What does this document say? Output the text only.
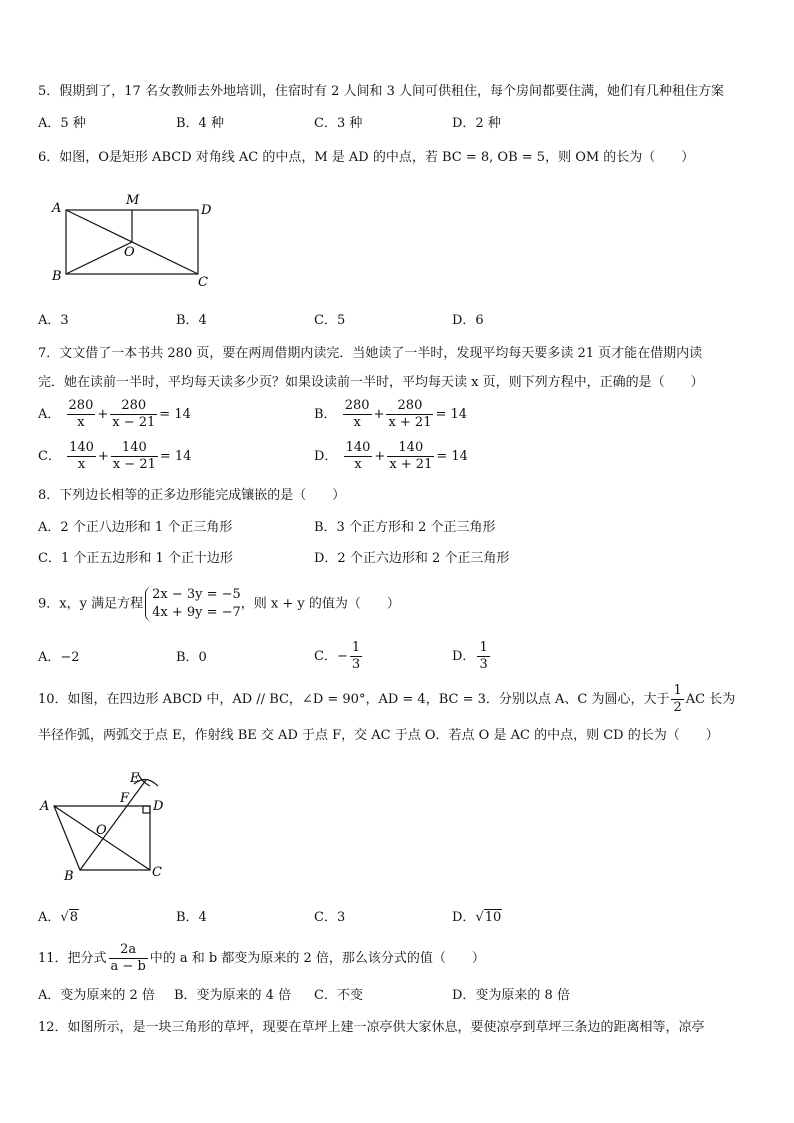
5．假期到了，17 名女教师去外地培训，住宿时有 2 人间和 3 人间可供租住，每个房间都要住满，她们有几种租住方案
A．5 种	B．4 种	C．3 种	D．2 种
6．如图，O是矩形 ABCD 对角线 AC 的中点，M 是 AD 的中点，若 BC = 8, OB = 5，则 OM 的长为（　　）
A
B	C
D
M
O
A．3	B．4	C．5	D．6
7．文文借了一本书共 280 页，要在两周借期内读完．当她读了一半时，发现平均每天要多读 21 页才能在借期内读
完．她在读前一半时，平均每天读多少页？如果设读前一半时，平均每天读 x 页，则下列方程中，正确的是（　　）
A． $\frac{280}{x} + \frac{280}{x - 21} = 14$	B． $\frac{280}{x} + \frac{280}{x + 21} = 14$
C． $\frac{140}{x} + \frac{140}{x - 21} = 14$	D． $\frac{140}{x} + \frac{140}{x + 21} = 14$
8．下列边长相等的正多边形能完成镶嵌的是（　　）
A．2 个正八边形和 1 个正三角形	B．3 个正方形和 2 个正三角形
C．1 个正五边形和 1 个正十边形	D．2 个正六边形和 2 个正三角形
9．x，y 满足方程
2x − 3y = −5
4x + 9y = −7
，则 x + y 的值为（　　）
A．−2	B．0	C．− $\frac{1}{3}$	D． $\frac{1}{3}$
10．如图，在四边形 ABCD 中，AD // BC，∠D = 90°，AD = 4，BC = 3．分别以点 A、C 为圆心，大于 $\frac{1}{2}$ AC 长为
半径作弧，两弧交于点 E，作射线 BE 交 AD 于点 F，交 AC 于点 O．若点 O 是 AC 的中点，则 CD 的长为（　　）
A
B	C
D
E
F
O
A．√8	B．4	C．3	D．√10
11．把分式 $\frac{2a}{a - b}$ 中的 a 和 b 都变为原来的 2 倍，那么该分式的值（　　）
A．变为原来的 2 倍 B．变为原来的 4 倍 C．不变	D．变为原来的 8 倍
12．如图所示，是一块三角形的草坪，现要在草坪上建一凉亭供大家休息，要使凉亭到草坪三条边的距离相等，凉亭
